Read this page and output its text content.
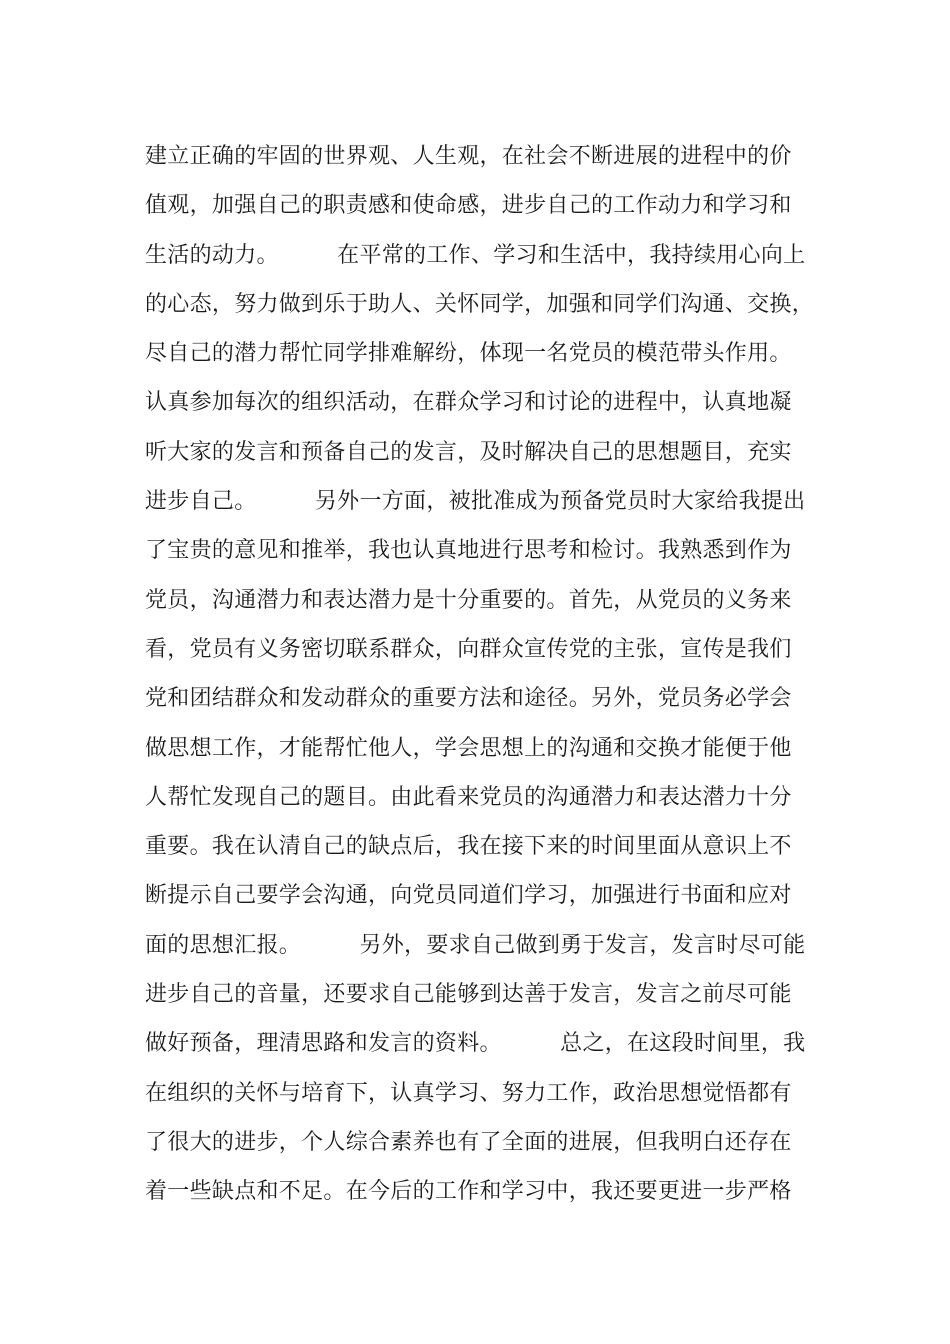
建立正确的牢固的世界观、人生观，在社会不断进展的进程中的价
值观，加强自己的职责感和使命感，进步自己的工作动力和学习和
生活的动力。        在平常的工作、学习和生活中，我持续用心向上
的心态，努力做到乐于助人、关怀同学，加强和同学们沟通、交换，
尽自己的潜力帮忙同学排难解纷，体现一名党员的模范带头作用。
认真参加每次的组织活动，在群众学习和讨论的进程中，认真地凝
听大家的发言和预备自己的发言，及时解决自己的思想题目，充实
进步自己。        另外一方面，被批准成为预备党员时大家给我提出
了宝贵的意见和推举，我也认真地进行思考和检讨。我熟悉到作为
党员，沟通潜力和表达潜力是十分重要的。首先，从党员的义务来
看，党员有义务密切联系群众，向群众宣传党的主张，宣传是我们
党和团结群众和发动群众的重要方法和途径。另外，党员务必学会
做思想工作，才能帮忙他人，学会思想上的沟通和交换才能便于他
人帮忙发现自己的题目。由此看来党员的沟通潜力和表达潜力十分
重要。我在认清自己的缺点后，我在接下来的时间里面从意识上不
断提示自己要学会沟通，向党员同道们学习，加强进行书面和应对
面的思想汇报。        另外，要求自己做到勇于发言，发言时尽可能
进步自己的音量，还要求自己能够到达善于发言，发言之前尽可能
做好预备，理清思路和发言的资料。        总之，在这段时间里，我
在组织的关怀与培育下，认真学习、努力工作，政治思想觉悟都有
了很大的进步，个人综合素养也有了全面的进展，但我明白还存在
着一些缺点和不足。在今后的工作和学习中，我还要更进一步严格
